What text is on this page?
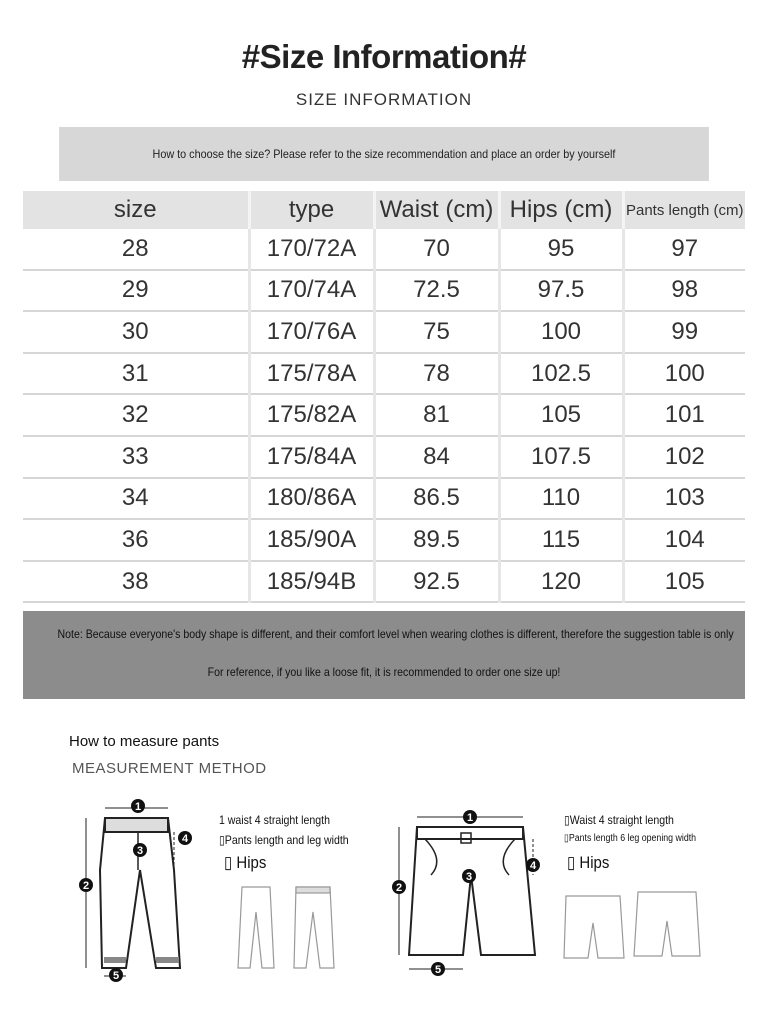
#Size Information#
SIZE INFORMATION
How to choose the size? Please refer to the size recommendation and place an order by yourself
size	type	Waist (cm)	Hips (cm)	Pants length (cm)
28	170/72A	70	95	97
29	170/74A	72.5	97.5	98
30	170/76A	75	100	99
31	175/78A	78	102.5	100
32	175/82A	81	105	101
33	175/84A	84	107.5	102
34	180/86A	86.5	110	103
36	185/90A	89.5	115	104
38	185/94B	92.5	120	105
Note: Because everyone's body shape is different, and their comfort level when wearing clothes is different, therefore the suggestion table is only
For reference, if you like a loose fit, it is recommended to order one size up!
How to measure pants
MEASUREMENT METHOD
1
2
3
4
5
1 waist 4 straight length
▯Pants length and leg width
▯ Hips
1
2
3
4
5
▯Waist 4 straight length
▯Pants length 6 leg opening width
▯ Hips
